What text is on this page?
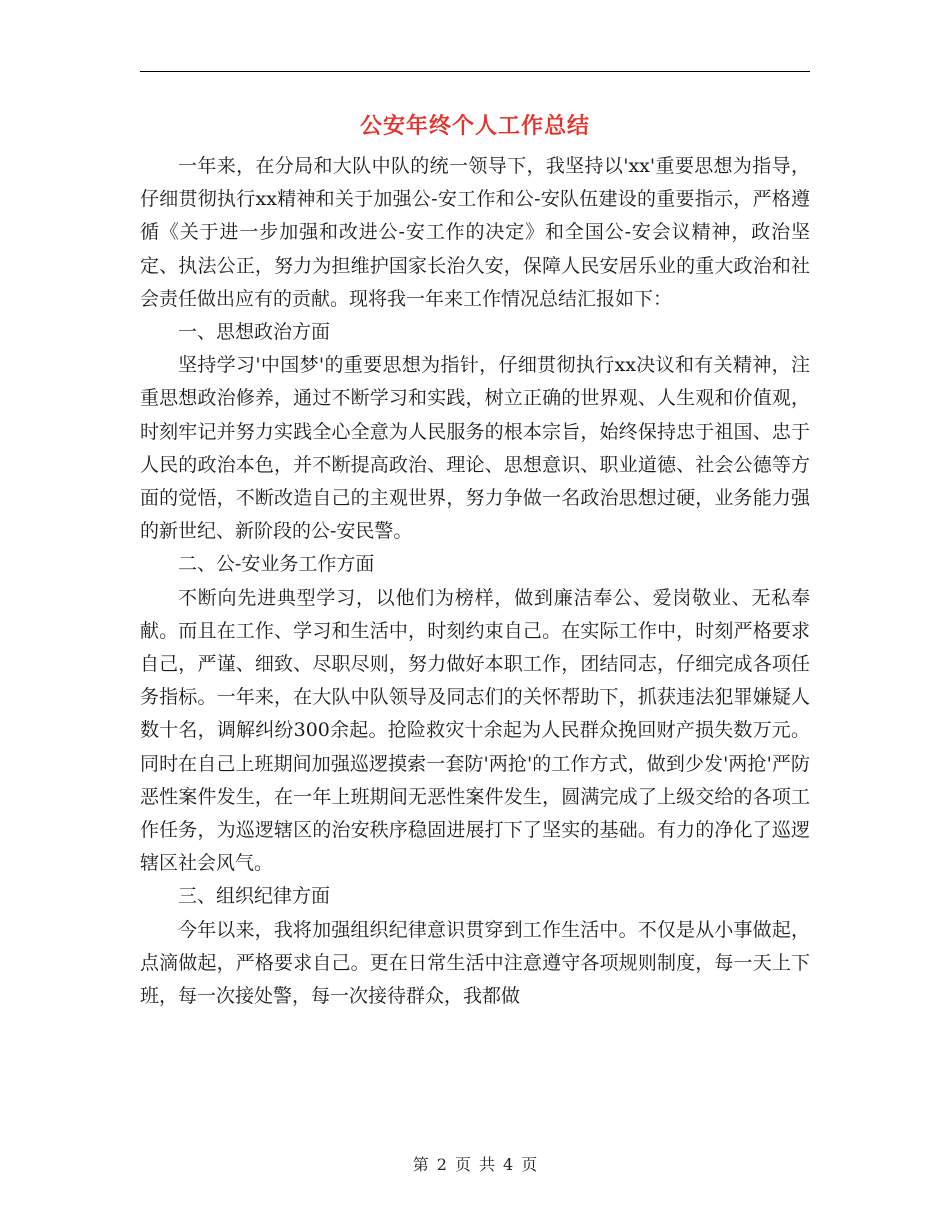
公安年终个人工作总结

一年来，在分局和大队中队的统一领导下，我坚持以'xx'重要思想为指导，仔细贯彻执行xx精神和关于加强公-安工作和公-安队伍建设的重要指示，严格遵循《关于进一步加强和改进公-安工作的决定》和全国公-安会议精神，政治坚定、执法公正，努力为担维护国家长治久安，保障人民安居乐业的重大政治和社会责任做出应有的贡献。现将我一年来工作情况总结汇报如下：

一、思想政治方面

坚持学习'中国梦'的重要思想为指针，仔细贯彻执行xx决议和有关精神，注重思想政治修养，通过不断学习和实践，树立正确的世界观、人生观和价值观，时刻牢记并努力实践全心全意为人民服务的根本宗旨，始终保持忠于祖国、忠于人民的政治本色，并不断提高政治、理论、思想意识、职业道德、社会公德等方面的觉悟，不断改造自己的主观世界，努力争做一名政治思想过硬，业务能力强的新世纪、新阶段的公-安民警。

二、公-安业务工作方面

不断向先进典型学习，以他们为榜样，做到廉洁奉公、爱岗敬业、无私奉献。而且在工作、学习和生活中，时刻约束自己。在实际工作中，时刻严格要求自己，严谨、细致、尽职尽则，努力做好本职工作，团结同志，仔细完成各项任务指标。一年来，在大队中队领导及同志们的关怀帮助下，抓获违法犯罪嫌疑人数十名，调解纠纷300余起。抢险救灾十余起为人民群众挽回财产损失数万元。同时在自己上班期间加强巡逻摸索一套防'两抢'的工作方式，做到少发'两抢'严防恶性案件发生，在一年上班期间无恶性案件发生，圆满完成了上级交给的各项工作任务，为巡逻辖区的治安秩序稳固进展打下了坚实的基础。有力的净化了巡逻辖区社会风气。

三、组织纪律方面

今年以来，我将加强组织纪律意识贯穿到工作生活中。不仅是从小事做起，点滴做起，严格要求自己。更在日常生活中注意遵守各项规则制度，每一天上下班，每一次接处警，每一次接待群众，我都做

第 2 页 共 4 页
